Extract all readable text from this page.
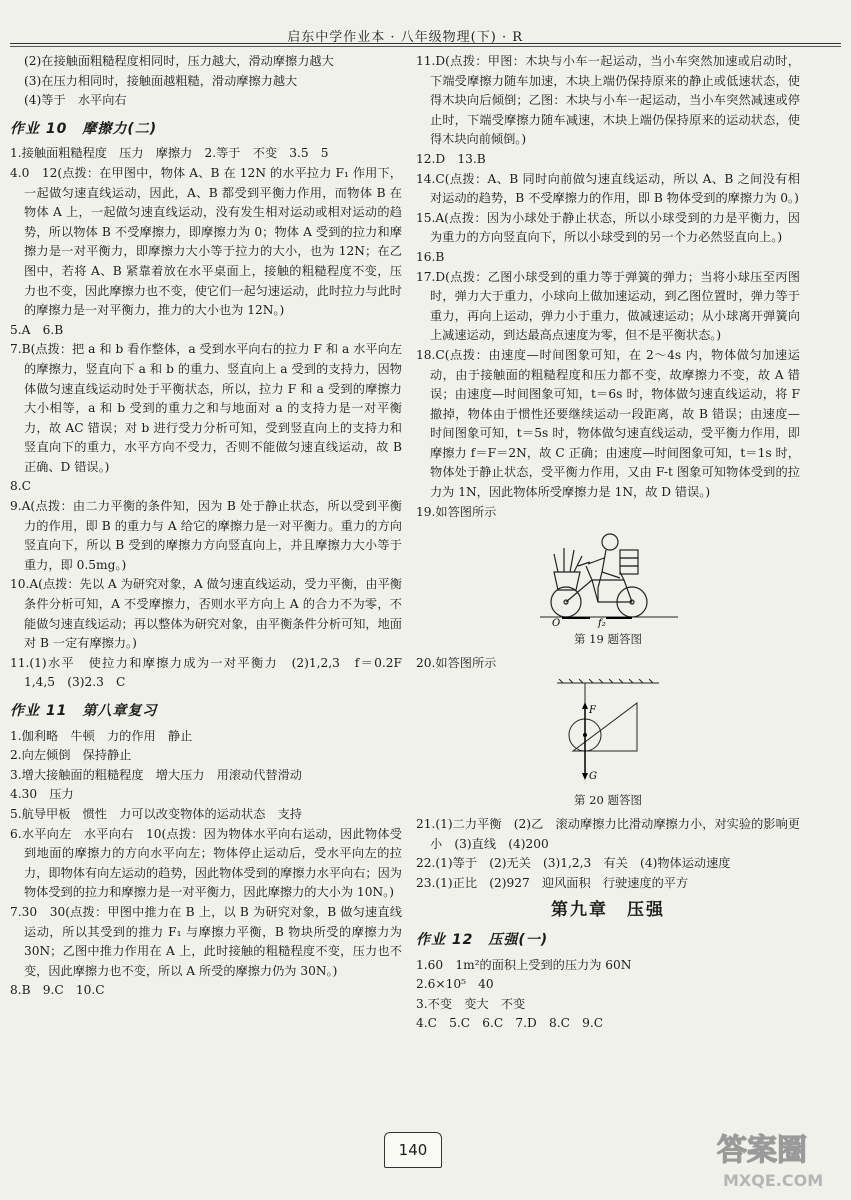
启东中学作业本 · 八年级物理(下) · R

(2)在接触面粗糙程度相同时，压力越大，滑动摩擦力越大

(3)在压力相同时，接触面越粗糙，滑动摩擦力越大

(4)等于　水平向右

作业 10　摩擦力(二)

1.接触面粗糙程度　压力　摩擦力　2.等于　不变　3.5　5

4.0　12(点拨：在甲图中，物体 A、B 在 12N 的水平拉力 F₁ 作用下，一起做匀速直线运动，因此，A、B 都受到平衡力作用，而物体 B 在物体 A 上，一起做匀速直线运动，没有发生相对运动或相对运动的趋势，所以物体 B 不受摩擦力，即摩擦力为 0；物体 A 受到的拉力和摩擦力是一对平衡力，即摩擦力大小等于拉力的大小，也为 12N；在乙图中，若将 A、B 紧靠着放在水平桌面上，接触的粗糙程度不变，压力也不变，因此摩擦力也不变，使它们一起匀速运动，此时拉力与此时的摩擦力是一对平衡力，推力的大小也为 12N。)

5.A　6.B

7.B(点拨：把 a 和 b 看作整体，a 受到水平向右的拉力 F 和 a 水平向左的摩擦力，竖直向下 a 和 b 的重力、竖直向上 a 受到的支持力，因物体做匀速直线运动时处于平衡状态，所以，拉力 F 和 a 受到的摩擦力大小相等，a 和 b 受到的重力之和与地面对 a 的支持力是一对平衡力，故 AC 错误；对 b 进行受力分析可知，受到竖直向上的支持力和竖直向下的重力，水平方向不受力，否则不能做匀速直线运动，故 B 正确、D 错误。)

8.C

9.A(点拨：由二力平衡的条件知，因为 B 处于静止状态，所以受到平衡力的作用，即 B 的重力与 A 给它的摩擦力是一对平衡力。重力的方向竖直向下，所以 B 受到的摩擦力方向竖直向上，并且摩擦力大小等于重力，即 0.5mg。)

10.A(点拨：先以 A 为研究对象，A 做匀速直线运动，受力平衡，由平衡条件分析可知，A 不受摩擦力，否则水平方向上 A 的合力不为零，不能做匀速直线运动；再以整体为研究对象，由平衡条件分析可知，地面对 B 一定有摩擦力。)

11.(1)水平　使拉力和摩擦力成为一对平衡力　(2)1,2,3　f＝0.2F　1,4,5　(3)2.3　C

作业 11　第八章复习

1.伽利略　牛顿　力的作用　静止

2.向左倾倒　保持静止

3.增大接触面的粗糙程度　增大压力　用滚动代替滑动

4.30　压力

5.航导甲板　惯性　力可以改变物体的运动状态　支持

6.水平向左　水平向右　10(点拨：因为物体水平向右运动，因此物体受到地面的摩擦力的方向水平向左；物体停止运动后，受水平向左的拉力，即物体有向左运动的趋势，因此物体受到的摩擦力水平向右；因为物体受到的拉力和摩擦力是一对平衡力，因此摩擦力的大小为 10N。)

7.30　30(点拨：甲图中推力在 B 上，以 B 为研究对象，B 做匀速直线运动，所以其受到的推力 F₁ 与摩擦力平衡，B 物块所受的摩擦力为 30N；乙图中推力作用在 A 上，此时接触的粗糙程度不变，压力也不变，因此摩擦力也不变，所以 A 所受的摩擦力仍为 30N。)

8.B　9.C　10.C

11.D(点拨：甲图：木块与小车一起运动，当小车突然加速或启动时，下端受摩擦力随车加速，木块上端仍保持原来的静止或低速状态，使得木块向后倾倒；乙图：木块与小车一起运动，当小车突然减速或停止时，下端受摩擦力随车减速，木块上端仍保持原来的运动状态，使得木块向前倾倒。)

12.D　13.B

14.C(点拨：A、B 同时向前做匀速直线运动，所以 A、B 之间没有相对运动的趋势，B 不受摩擦力的作用，即 B 物体受到的摩擦力为 0。)

15.A(点拨：因为小球处于静止状态，所以小球受到的力是平衡力，因为重力的方向竖直向下，所以小球受到的另一个力必然竖直向上。)

16.B

17.D(点拨：乙图小球受到的重力等于弹簧的弹力；当将小球压至丙图时，弹力大于重力，小球向上做加速运动，到乙图位置时，弹力等于重力，再向上运动，弹力小于重力，做减速运动；从小球离开弹簧向上减速运动，到达最高点速度为零，但不是平衡状态。)

18.C(点拨：由速度—时间图象可知，在 2～4s 内，物体做匀加速运动，由于接触面的粗糙程度和压力都不变，故摩擦力不变，故 A 错误；由速度—时间图象可知，t＝6s 时，物体做匀速直线运动，将 F 撤掉，物体由于惯性还要继续运动一段距离，故 B 错误；由速度—时间图象可知，t＝5s 时，物体做匀速直线运动，受平衡力作用，即摩擦力 f＝F＝2N，故 C 正确；由速度—时间图象可知，t＝1s 时，物体处于静止状态，受平衡力作用，又由 F-t 图象可知物体受到的拉力为 1N，因此物体所受摩擦力是 1N，故 D 错误。)

19.如答图所示

O	f₂

第 19 题答图

20.如答图所示

F
G

第 20 题答图

21.(1)二力平衡　(2)乙　滚动摩擦力比滑动摩擦力小，对实验的影响更小　(3)直线　(4)200

22.(1)等于　(2)无关　(3)1,2,3　有关　(4)物体运动速度

23.(1)正比　(2)927　迎风面积　行驶速度的平方

第九章　压强
作业 12　压强(一)

1.60　1m²的面积上受到的压力为 60N

2.6×10⁵　40

3.不变　变大　不变

4.C　5.C　6.C　7.D　8.C　9.C

140	答案圈
MXQE.COM
